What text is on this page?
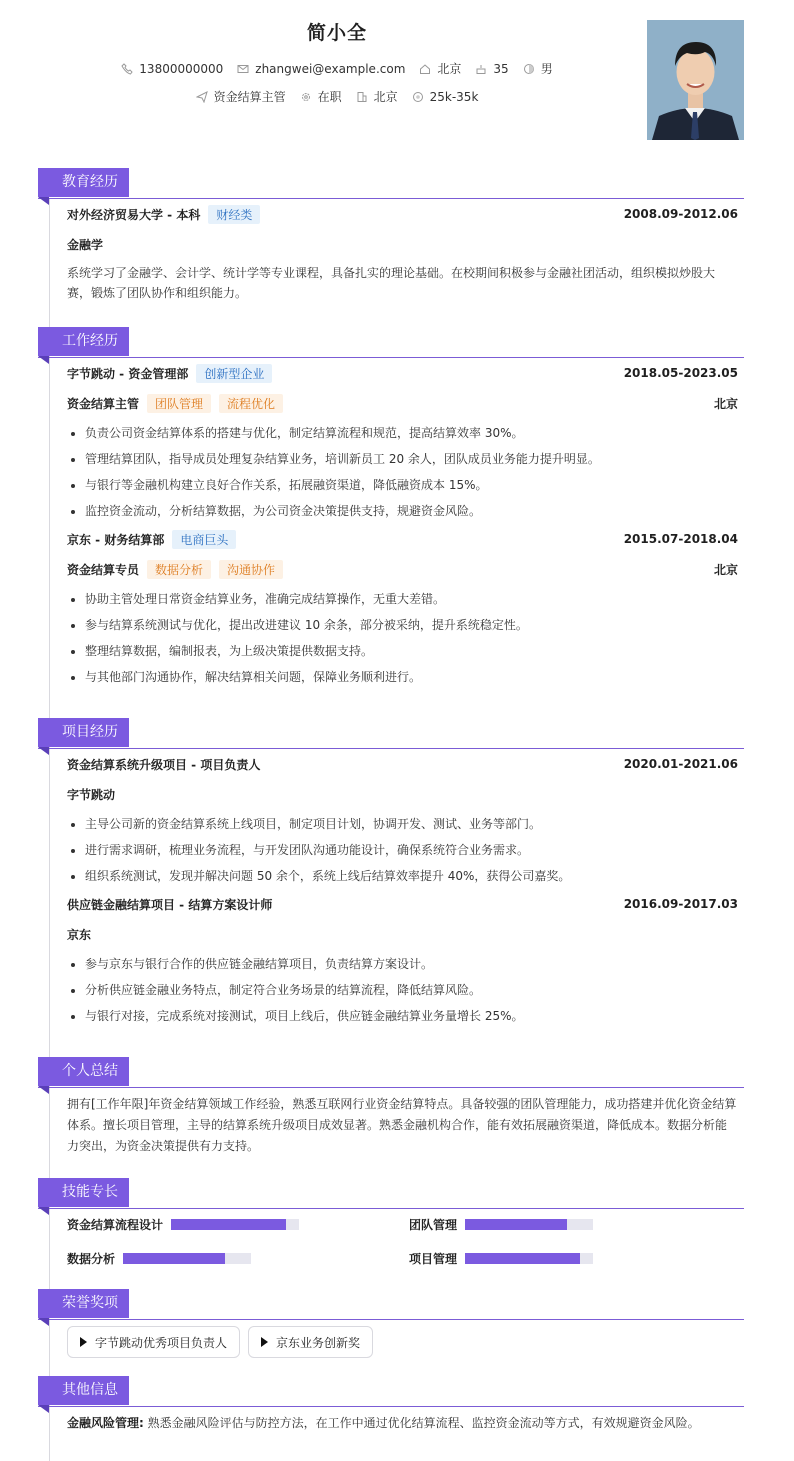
简小全
13800000000	zhangwei@example.com	北京	35	男
资金结算主管	在职	北京	25k-35k
教育经历
对外经济贸易大学 - 本科	财经类	2008.09-2012.06
金融学
系统学习了金融学、会计学、统计学等专业课程，具备扎实的理论基础。在校期间积极参与金融社团活动，组织模拟炒股大赛，锻炼了团队协作和组织能力。
工作经历
字节跳动 - 资金管理部	创新型企业	2018.05-2023.05
资金结算主管	团队管理	流程优化	北京
• 负责公司资金结算体系的搭建与优化，制定结算流程和规范，提高结算效率 30%。
• 管理结算团队，指导成员处理复杂结算业务，培训新员工 20 余人，团队成员业务能力提升明显。
• 与银行等金融机构建立良好合作关系，拓展融资渠道，降低融资成本 15%。
• 监控资金流动，分析结算数据，为公司资金决策提供支持，规避资金风险。
京东 - 财务结算部	电商巨头	2015.07-2018.04
资金结算专员	数据分析	沟通协作	北京
• 协助主管处理日常资金结算业务，准确完成结算操作，无重大差错。
• 参与结算系统测试与优化，提出改进建议 10 余条，部分被采纳，提升系统稳定性。
• 整理结算数据，编制报表，为上级决策提供数据支持。
• 与其他部门沟通协作，解决结算相关问题，保障业务顺利进行。
项目经历
资金结算系统升级项目 - 项目负责人	2020.01-2021.06
字节跳动
• 主导公司新的资金结算系统上线项目，制定项目计划，协调开发、测试、业务等部门。
• 进行需求调研，梳理业务流程，与开发团队沟通功能设计，确保系统符合业务需求。
• 组织系统测试，发现并解决问题 50 余个，系统上线后结算效率提升 40%，获得公司嘉奖。
供应链金融结算项目 - 结算方案设计师	2016.09-2017.03
京东
• 参与京东与银行合作的供应链金融结算项目，负责结算方案设计。
• 分析供应链金融业务特点，制定符合业务场景的结算流程，降低结算风险。
• 与银行对接，完成系统对接测试，项目上线后，供应链金融结算业务量增长 25%。
个人总结
拥有[工作年限]年资金结算领域工作经验，熟悉互联网行业资金结算特点。具备较强的团队管理能力，成功搭建并优化资金结算体系。擅长项目管理，主导的结算系统升级项目成效显著。熟悉金融机构合作，能有效拓展融资渠道，降低成本。数据分析能力突出，为资金决策提供有力支持。
技能专长
资金结算流程设计	团队管理
数据分析	项目管理
荣誉奖项
字节跳动优秀项目负责人	京东业务创新奖
其他信息
金融风险管理: 熟悉金融风险评估与防控方法，在工作中通过优化结算流程、监控资金流动等方式，有效规避资金风险。
